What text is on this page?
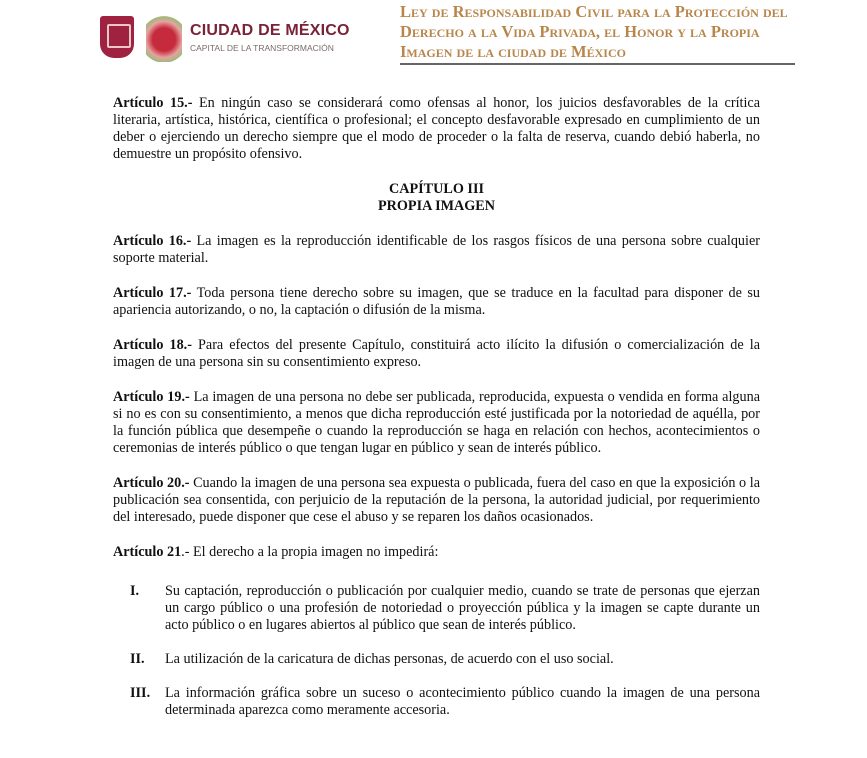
CIUDAD DE MÉXICO
CAPITAL DE LA TRANSFORMACIÓN
Ley de Responsabilidad Civil para la Protección del Derecho a la Vida Privada, el Honor y la Propia Imagen de la ciudad de México

Artículo 15.- En ningún caso se considerará como ofensas al honor, los juicios desfavorables de la crítica literaria, artística, histórica, científica o profesional; el concepto desfavorable expresado en cumplimiento de un deber o ejerciendo un derecho siempre que el modo de proceder o la falta de reserva, cuando debió haberla, no demuestre un propósito ofensivo.

CAPÍTULO III
PROPIA IMAGEN

Artículo 16.- La imagen es la reproducción identificable de los rasgos físicos de una persona sobre cualquier soporte material.

Artículo 17.- Toda persona tiene derecho sobre su imagen, que se traduce en la facultad para disponer de su apariencia autorizando, o no, la captación o difusión de la misma.

Artículo 18.- Para efectos del presente Capítulo, constituirá acto ilícito la difusión o comercialización de la imagen de una persona sin su consentimiento expreso.

Artículo 19.- La imagen de una persona no debe ser publicada, reproducida, expuesta o vendida en forma alguna si no es con su consentimiento, a menos que dicha reproducción esté justificada por la notoriedad de aquélla, por la función pública que desempeñe o cuando la reproducción se haga en relación con hechos, acontecimientos o ceremonias de interés público o que tengan lugar en público y sean de interés público.

Artículo 20.- Cuando la imagen de una persona sea expuesta o publicada, fuera del caso en que la exposición o la publicación sea consentida, con perjuicio de la reputación de la persona, la autoridad judicial, por requerimiento del interesado, puede disponer que cese el abuso y se reparen los daños ocasionados.

Artículo 21.- El derecho a la propia imagen no impedirá:

I.	Su captación, reproducción o publicación por cualquier medio, cuando se trate de personas que ejerzan un cargo público o una profesión de notoriedad o proyección pública y la imagen se capte durante un acto público o en lugares abiertos al público que sean de interés público.
II.	La utilización de la caricatura de dichas personas, de acuerdo con el uso social.
III.	La información gráfica sobre un suceso o acontecimiento público cuando la imagen de una persona determinada aparezca como meramente accesoria.
